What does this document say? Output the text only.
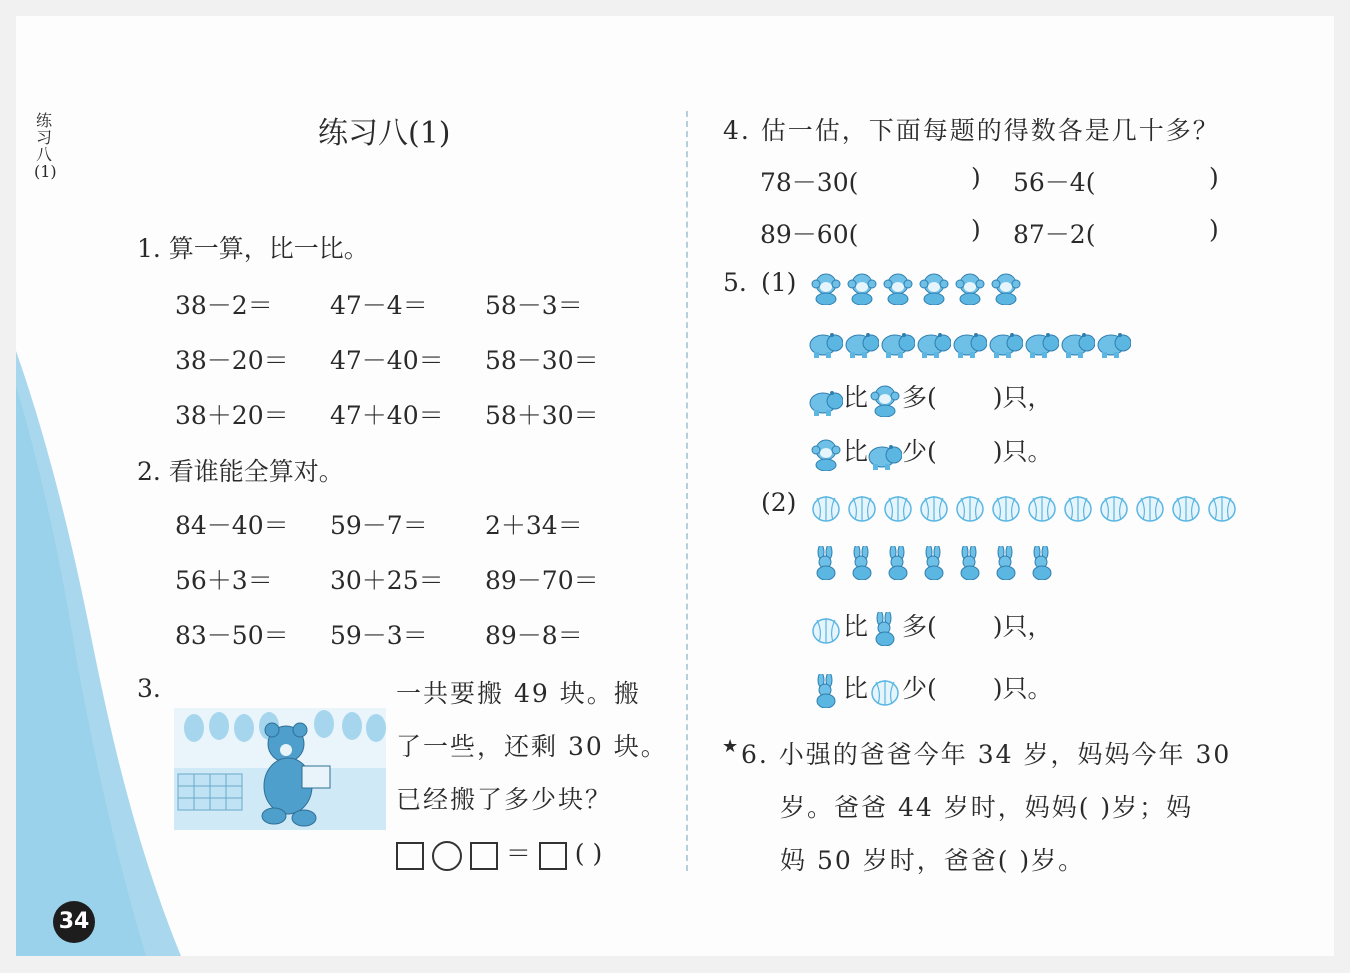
练习八(1)
34
练习八(1)
1. 算一算，比一比。
38－2＝ 47－4＝ 58－3＝
38－20＝ 47－40＝ 58－30＝
38＋20＝ 47＋40＝ 58＋30＝
2. 看谁能全算对。
84－40＝ 59－7＝ 2＋34＝
56＋3＝ 30＋25＝ 89－70＝
83－50＝ 59－3＝ 89－8＝
3.	一共要搬 49 块。搬
了一些，还剩 30 块。
已经搬了多少块？
＝ ( )
4. 估一估，下面每题的得数各是几十多？
78－30(	) 56－4(	)
89－60(	) 87－2(	)
5. (1)
比 多( )只，
比 少( )只。
(2)
比 多( )只，
比 少( )只。
★ 6. 小强的爸爸今年 34 岁，妈妈今年 30
岁。爸爸 44 岁时，妈妈( )岁；妈
妈 50 岁时，爸爸( )岁。
